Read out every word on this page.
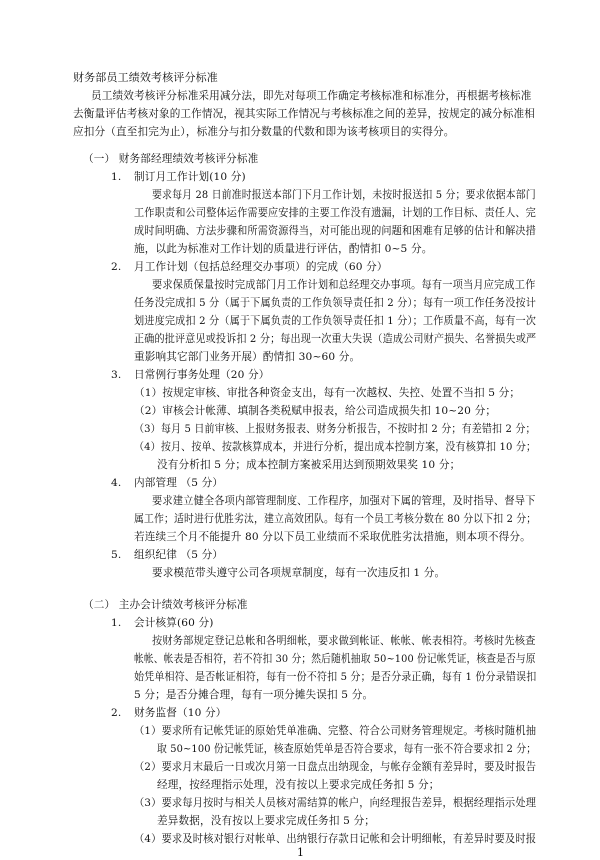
财务部员工绩效考核评分标准

员工绩效考核评分标准采用减分法，即先对每项工作确定考核标准和标准分，再根据考核标准

去衡量评估考核对象的工作情况，视其实际工作情况与考核标准之间的差异，按规定的减分标准相

应扣分（直至扣完为止），标准分与扣分数量的代数和即为该考核项目的实得分。

（一） 财务部经理绩效考核评分标准

1. 制订月工作计划(10 分)

要求每月 28 日前准时报送本部门下月工作计划，未按时报送扣 5 分；要求依据本部门

工作职责和公司整体运作需要应安排的主要工作没有遗漏，计划的工作目标、责任人、完

成时间明确、方法步骤和所需资源得当，对可能出现的问题和困难有足够的估计和解决措

施，以此为标准对工作计划的质量进行评估，酌情扣 0~5 分。

2. 月工作计划（包括总经理交办事项）的完成（60 分）

要求保质保量按时完成部门月工作计划和总经理交办事项。每有一项当月应完成工作

任务没完成扣 5 分（属于下属负责的工作负领导责任扣 2 分）；每有一项工作任务没按计

划进度完成扣 2 分（属于下属负责的工作负领导责任扣 1 分）；工作质量不高，每有一次

正确的批评意见或投诉扣 2 分；每出现一次重大失误（造成公司财产损失、名誉损失或严

重影响其它部门业务开展）酌情扣 30~60 分。

3. 日常例行事务处理（20 分）

（1）按规定审核、审批各种资金支出，每有一次越权、失控、处置不当扣 5 分；

（2）审核会计帐薄、填制各类税赋申报表，给公司造成损失扣 10~20 分；

（3）每月 5 日前审核、上报财务报表、财务分析报告，不按时扣 2 分；有差错扣 2 分；

（4）按月、按单、按款核算成本，并进行分析，提出成本控制方案，没有核算扣 10 分；

没有分析扣 5 分；成本控制方案被采用达到预期效果奖 10 分；

4. 内部管理 （5 分）

要求建立健全各项内部管理制度、工作程序，加强对下属的管理，及时指导、督导下

属工作；适时进行优胜劣汰，建立高效团队。每有一个员工考核分数在 80 分以下扣 2 分；

若连续三个月不能提升 80 分以下员工业绩而不采取优胜劣汰措施，则本项不得分。

5. 组织纪律 （5 分）

要求模范带头遵守公司各项规章制度，每有一次违反扣 1 分。

（二） 主办会计绩效考核评分标准

1. 会计核算(60 分)

按财务部规定登记总帐和各明细帐，要求做到帐证、帐帐、帐表相符。考核时先核查

帐帐、帐表是否相符，若不符扣 30 分；然后随机抽取 50~100 份记帐凭证，核查是否与原

始凭单相符、是否帐证相符，每有一份不符扣 5 分；是否分录正确，每有 1 份分录错误扣

5 分；是否分摊合理，每有一项分摊失误扣 5 分。

2. 财务监督（10 分）

（1）要求所有记帐凭证的原始凭单准确、完整、符合公司财务管理规定。考核时随机抽

取 50~100 份记帐凭证，核查原始凭单是否符合要求，每有一张不符合要求扣 2 分；

（2）要求月末最后一日或次月第一日盘点出纳现金，与帐存金额有差异时，要及时报告

经理，按经理指示处理，没有按以上要求完成任务扣 5 分；

（3）要求每月按时与相关人员核对需结算的帐户，向经理报告差异，根据经理指示处理

差异数据，没有按以上要求完成任务扣 5 分；

（4）要求及时核对银行对帐单、出纳银行存款日记帐和会计明细帐，有差异时要及时报

1
